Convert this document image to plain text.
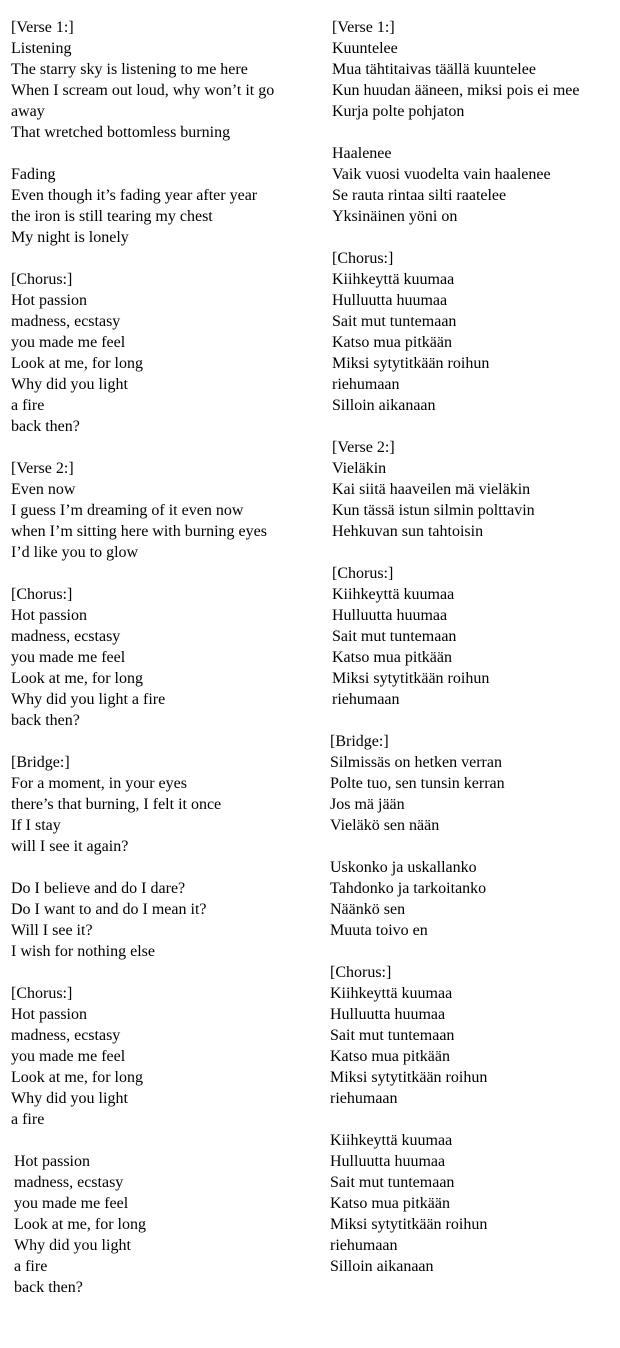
[Verse 1:]
Listening
The starry sky is listening to me here
When I scream out loud, why won’t it go away
That wretched bottomless burning
Fading
Even though it’s fading year after year
the iron is still tearing my chest
My night is lonely
[Chorus:]
Hot passion
madness, ecstasy
you made me feel
Look at me, for long
Why did you light
a fire
back then?
[Verse 2:]
Even now
I guess I’m dreaming of it even now
when I’m sitting here with burning eyes
I’d like you to glow
[Chorus:]
Hot passion
madness, ecstasy
you made me feel
Look at me, for long
Why did you light a fire
back then?
[Bridge:]
For a moment, in your eyes
there’s that burning, I felt it once
If I stay
will I see it again?
Do I believe and do I dare?
Do I want to and do I mean it?
Will I see it?
I wish for nothing else
[Chorus:]
Hot passion
madness, ecstasy
you made me feel
Look at me, for long
Why did you light
a fire
Hot passion
madness, ecstasy
you made me feel
Look at me, for long
Why did you light
a fire
back then?
[Verse 1:]
Kuuntelee
Mua tähtitaivas täällä kuuntelee
Kun huudan ääneen, miksi pois ei mee
Kurja polte pohjaton
Haalenee
Vaik vuosi vuodelta vain haalenee
Se rauta rintaa silti raatelee
Yksinäinen yöni on
[Chorus:]
Kiihkeyttä kuumaa
Hulluutta huumaa
Sait mut tuntemaan
Katso mua pitkään
Miksi sytytitkään roihun
riehumaan
Silloin aikanaan
[Verse 2:]
Vieläkin
Kai siitä haaveilen mä vieläkin
Kun tässä istun silmin polttavin
Hehkuvan sun tahtoisin
[Chorus:]
Kiihkeyttä kuumaa
Hulluutta huumaa
Sait mut tuntemaan
Katso mua pitkään
Miksi sytytitkään roihun
riehumaan
[Bridge:]
Silmissäs on hetken verran
Polte tuo, sen tunsin kerran
Jos mä jään
Vieläkö sen nään
Uskonko ja uskallanko
Tahdonko ja tarkoitanko
Näänkö sen
Muuta toivo en
[Chorus:]
Kiihkeyttä kuumaa
Hulluutta huumaa
Sait mut tuntemaan
Katso mua pitkään
Miksi sytytitkään roihun
riehumaan
Kiihkeyttä kuumaa
Hulluutta huumaa
Sait mut tuntemaan
Katso mua pitkään
Miksi sytytitkään roihun
riehumaan
Silloin aikanaan
